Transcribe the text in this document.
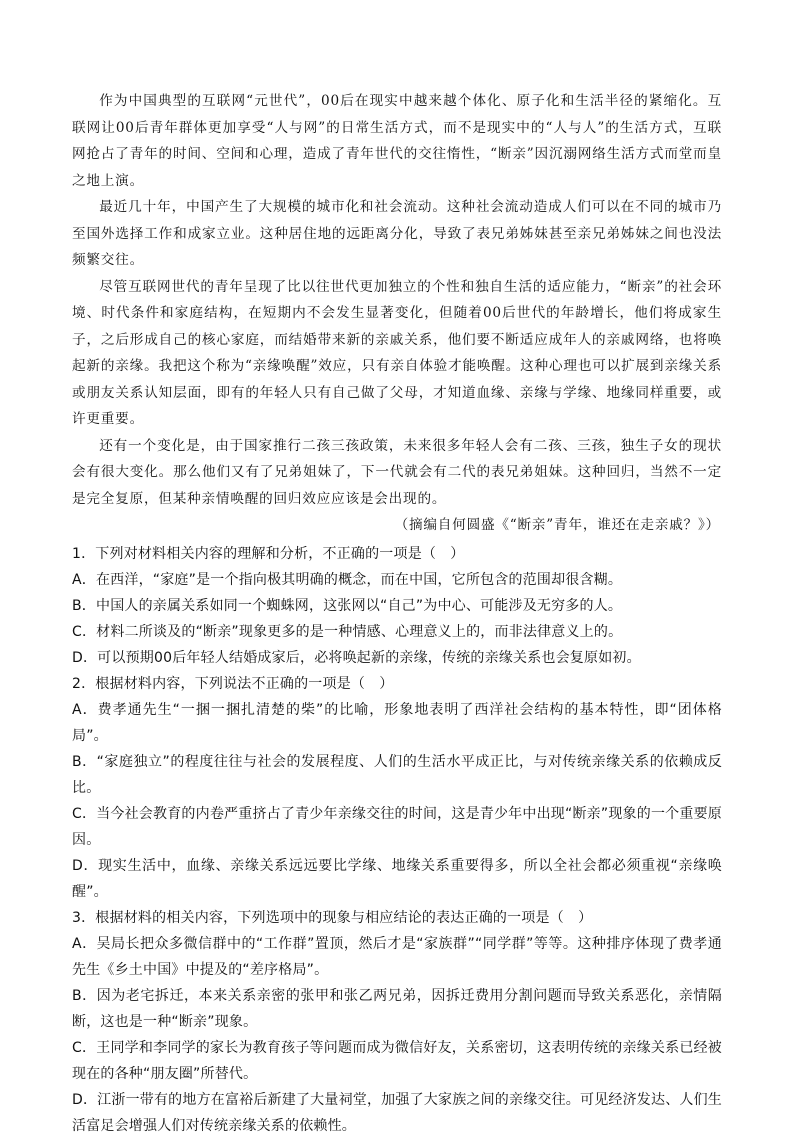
作为中国典型的互联网“元世代”，00后在现实中越来越个体化、原子化和生活半径的紧缩化。互联网让00后青年群体更加享受“人与网”的日常生活方式，而不是现实中的“人与人”的生活方式，互联网抢占了青年的时间、空间和心理，造成了青年世代的交往惰性，“断亲”因沉溺网络生活方式而堂而皇之地上演。

最近几十年，中国产生了大规模的城市化和社会流动。这种社会流动造成人们可以在不同的城市乃至国外选择工作和成家立业。这种居住地的远距离分化，导致了表兄弟姊妹甚至亲兄弟姊妹之间也没法频繁交往。

尽管互联网世代的青年呈现了比以往世代更加独立的个性和独自生活的适应能力，“断亲”的社会环境、时代条件和家庭结构，在短期内不会发生显著变化，但随着00后世代的年龄增长，他们将成家生子，之后形成自己的核心家庭，而结婚带来新的亲戚关系，他们要不断适应成年人的亲戚网络，也将唤起新的亲缘。我把这个称为“亲缘唤醒”效应，只有亲自体验才能唤醒。这种心理也可以扩展到亲缘关系或朋友关系认知层面，即有的年轻人只有自己做了父母，才知道血缘、亲缘与学缘、地缘同样重要，或许更重要。

还有一个变化是，由于国家推行二孩三孩政策，未来很多年轻人会有二孩、三孩，独生子女的现状会有很大变化。那么他们又有了兄弟姐妹了，下一代就会有二代的表兄弟姐妹。这种回归，当然不一定是完全复原，但某种亲情唤醒的回归效应应该是会出现的。

（摘编自何圆盛《“断亲”青年，谁还在走亲戚？》）

1．下列对材料相关内容的理解和分析，不正确的一项是（　）

A．在西洋，“家庭”是一个指向极其明确的概念，而在中国，它所包含的范围却很含糊。

B．中国人的亲属关系如同一个蜘蛛网，这张网以“自己”为中心、可能涉及无穷多的人。

C．材料二所谈及的“断亲”现象更多的是一种情感、心理意义上的，而非法律意义上的。

D．可以预期00后年轻人结婚成家后，必将唤起新的亲缘，传统的亲缘关系也会复原如初。

2．根据材料内容，下列说法不正确的一项是（　）

A．费孝通先生“一捆一捆扎清楚的柴”的比喻，形象地表明了西洋社会结构的基本特性，即“团体格局”。

B．“家庭独立”的程度往往与社会的发展程度、人们的生活水平成正比，与对传统亲缘关系的依赖成反比。

C．当今社会教育的内卷严重挤占了青少年亲缘交往的时间，这是青少年中出现“断亲”现象的一个重要原因。

D．现实生活中，血缘、亲缘关系远远要比学缘、地缘关系重要得多，所以全社会都必须重视“亲缘唤醒”。

3．根据材料的相关内容，下列选项中的现象与相应结论的表达正确的一项是（　）

A．吴局长把众多微信群中的“工作群”置顶，然后才是“家族群”“同学群”等等。这种排序体现了费孝通先生《乡土中国》中提及的“差序格局”。

B．因为老宅拆迁，本来关系亲密的张甲和张乙两兄弟，因拆迁费用分割问题而导致关系恶化，亲情隔断，这也是一种“断亲”现象。

C．王同学和李同学的家长为教育孩子等问题而成为微信好友，关系密切，这表明传统的亲缘关系已经被现在的各种“朋友圈”所替代。

D．江浙一带有的地方在富裕后新建了大量祠堂，加强了大家族之间的亲缘交往。可见经济发达、人们生活富足会增强人们对传统亲缘关系的依赖性。
